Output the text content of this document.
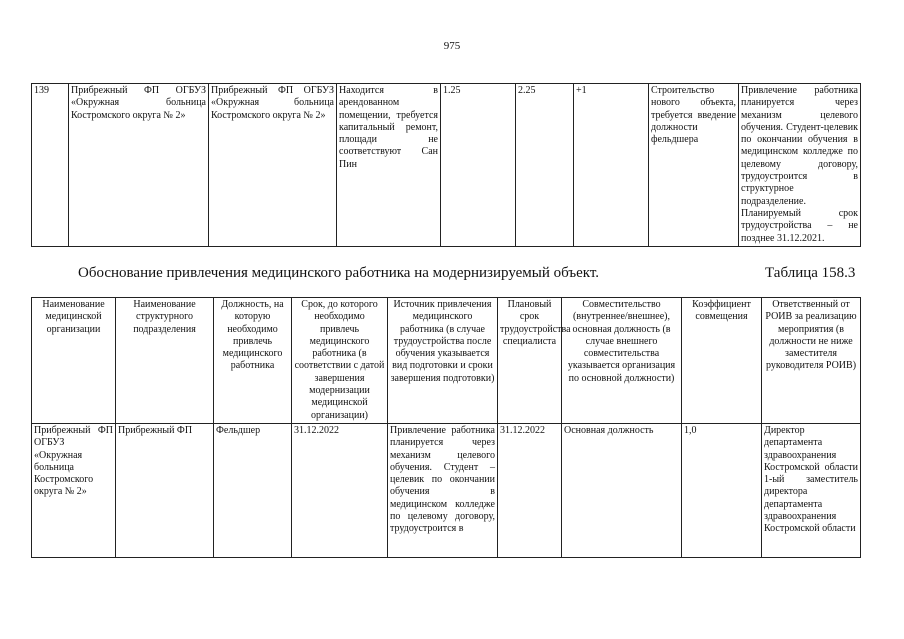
975
139	Прибрежный ФП ОГБУЗ «Окружная больница Костромского округа № 2»	Прибрежный ФП ОГБУЗ «Окружная больница Костромского округа № 2»	Находится в арендованном помещении, требуется капитальный ремонт, площади не соответствуют Сан Пин	1.25	2.25	+1	Строительство нового объекта, требуется введение должности фельдшера	Привлечение работника планируется через механизм целевого обучения. Студент-целевик по окончании обучения в медицинском колледже по целевому договору, трудоустроится в структурное подразделение. Планируемый срок трудоустройства – не позднее 31.12.2021.
Обоснование привлечения медицинского работника на модернизируемый объект.	Таблица 158.3
Наименование медицинской организации	Наименование структурного подразделения	Должность, на которую необходимо привлечь медицинского работника	Срок, до которого необходимо привлечь медицинского работника (в соответствии с датой завершения модернизации медицинской организации)	Источник привлечения медицинского работника (в случае трудоустройства после обучения указывается вид подготовки и сроки завершения подготовки)	Плановый срок трудоустройства специалиста	Совместительство (внутреннее/внешнее), основная должность (в случае внешнего совместительства указывается организация по основной должности)	Коэффициент совмещения	Ответственный от РОИВ за реализацию мероприятия (в должности не ниже заместителя руководителя РОИВ)
Прибрежный ФП ОГБУЗ «Окружная больница Костромского округа № 2»	Прибрежный ФП	Фельдшер	31.12.2022	Привлечение работника планируется через механизм целевого обучения. Студент – целевик по окончании обучения в медицинском колледже по целевому договору, трудоустроится в	31.12.2022	Основная должность	1,0	Директор департамента здравоохранения Костромской области 1-ый заместитель директора департамента здравоохранения Костромской области
